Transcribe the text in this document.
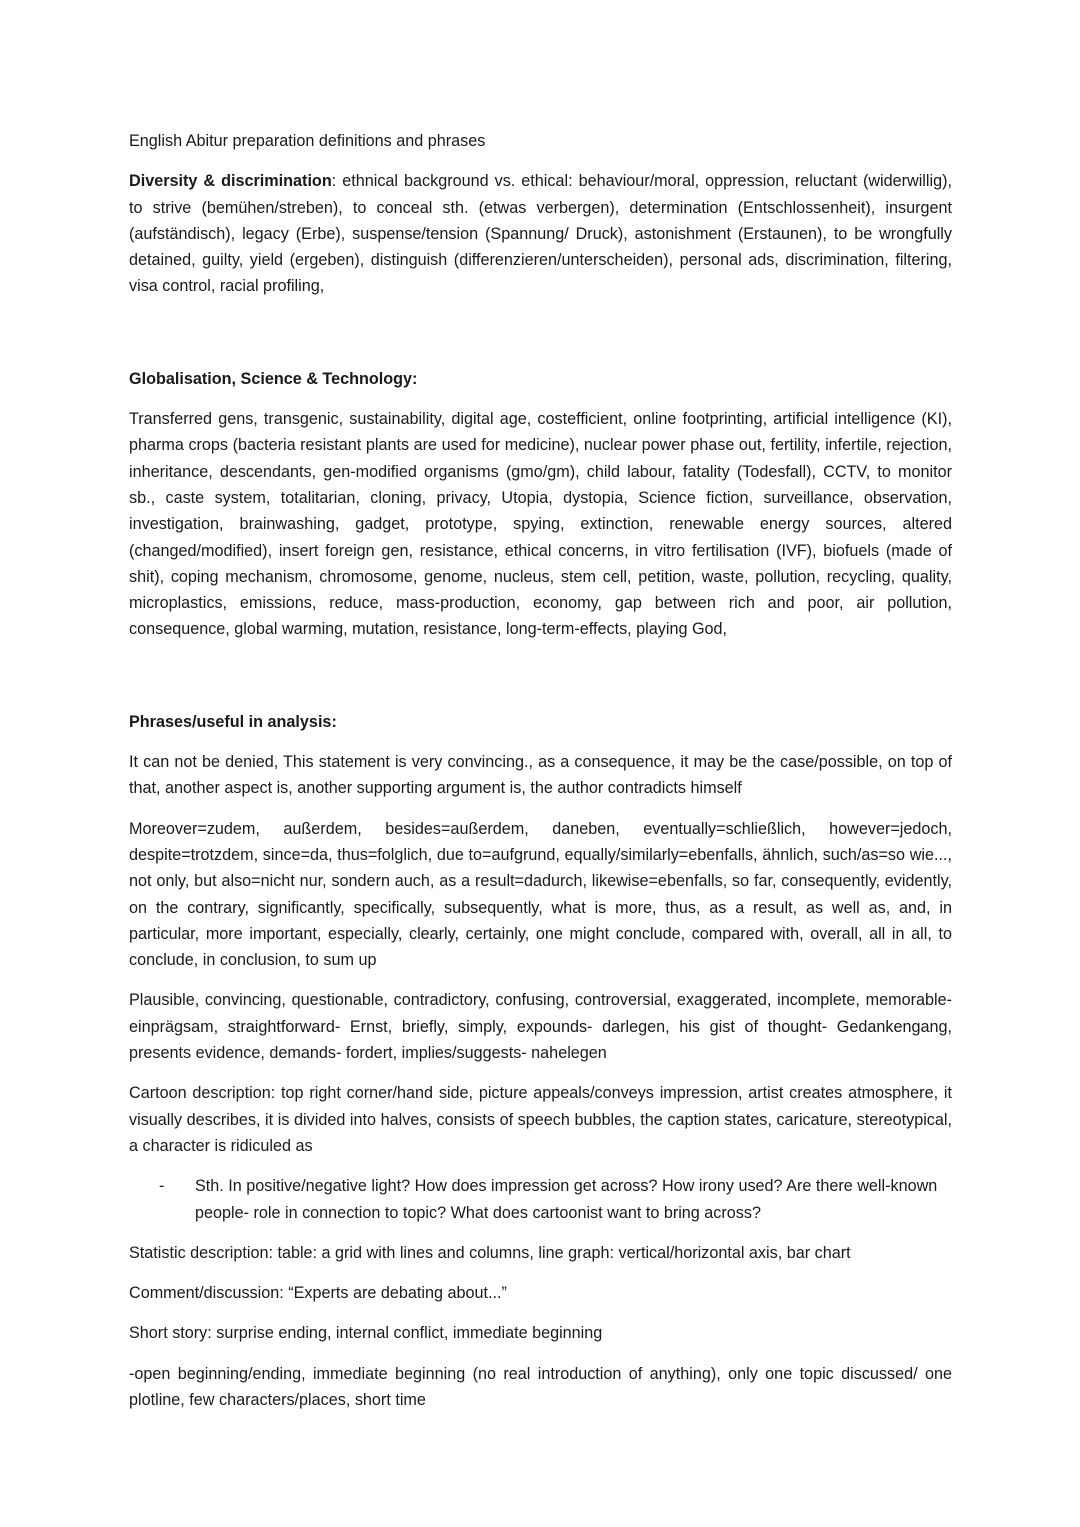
English Abitur preparation definitions and phrases

Diversity & discrimination: ethnical background vs. ethical: behaviour/moral, oppression, reluctant (widerwillig), to strive (bemühen/streben), to conceal sth. (etwas verbergen), determination (Entschlossenheit), insurgent (aufständisch), legacy (Erbe), suspense/tension (Spannung/ Druck), astonishment (Erstaunen), to be wrongfully detained, guilty, yield (ergeben), distinguish (differenzieren/unterscheiden), personal ads, discrimination, filtering, visa control, racial profiling,

Globalisation, Science & Technology:

Transferred gens, transgenic, sustainability, digital age, costefficient, online footprinting, artificial intelligence (KI), pharma crops (bacteria resistant plants are used for medicine), nuclear power phase out, fertility, infertile, rejection, inheritance, descendants, gen-modified organisms (gmo/gm), child labour, fatality (Todesfall), CCTV, to monitor sb., caste system, totalitarian, cloning, privacy, Utopia, dystopia, Science fiction, surveillance, observation, investigation, brainwashing, gadget, prototype, spying, extinction, renewable energy sources, altered (changed/modified), insert foreign gen, resistance, ethical concerns, in vitro fertilisation (IVF), biofuels (made of shit), coping mechanism, chromosome, genome, nucleus, stem cell, petition, waste, pollution, recycling, quality, microplastics, emissions, reduce, mass-production, economy, gap between rich and poor, air pollution, consequence, global warming, mutation, resistance, long-term-effects, playing God,

Phrases/useful in analysis:

It can not be denied, This statement is very convincing., as a consequence, it may be the case/possible, on top of that, another aspect is, another supporting argument is, the author contradicts himself

Moreover=zudem, außerdem, besides=außerdem, daneben, eventually=schließlich, however=jedoch, despite=trotzdem, since=da, thus=folglich, due to=aufgrund, equally/similarly=ebenfalls, ähnlich, such/as=so wie..., not only, but also=nicht nur, sondern auch, as a result=dadurch, likewise=ebenfalls, so far, consequently, evidently, on the contrary, significantly, specifically, subsequently, what is more, thus, as a result, as well as, and, in particular, more important, especially, clearly, certainly, one might conclude, compared with, overall, all in all, to conclude, in conclusion, to sum up

Plausible, convincing, questionable, contradictory, confusing, controversial, exaggerated, incomplete, memorable- einprägsam, straightforward- Ernst, briefly, simply, expounds- darlegen, his gist of thought- Gedankengang, presents evidence, demands- fordert, implies/suggests- nahelegen

Cartoon description: top right corner/hand side, picture appeals/conveys impression, artist creates atmosphere, it visually describes, it is divided into halves, consists of speech bubbles, the caption states, caricature, stereotypical, a character is ridiculed as

- Sth. In positive/negative light? How does impression get across? How irony used? Are there well-known people- role in connection to topic? What does cartoonist want to bring across?

Statistic description: table: a grid with lines and columns, line graph: vertical/horizontal axis, bar chart

Comment/discussion: “Experts are debating about...”

Short story: surprise ending, internal conflict, immediate beginning

-open beginning/ending, immediate beginning (no real introduction of anything), only one topic discussed/ one plotline, few characters/places, short time
